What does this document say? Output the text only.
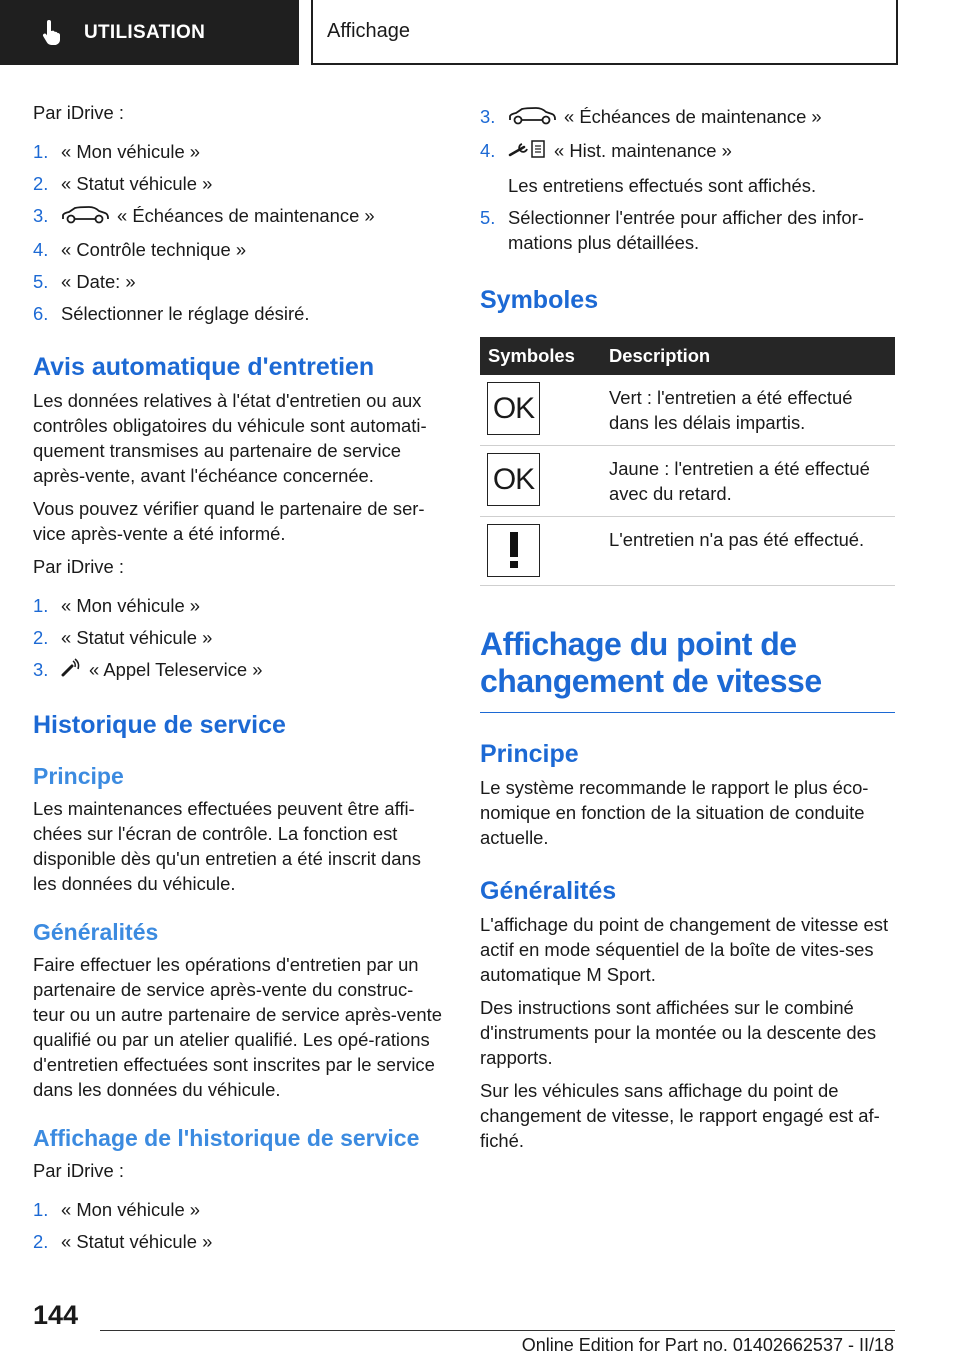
UTILISATION	Affichage

Par iDrive :

1. « Mon véhicule »
2. « Statut véhicule »
3.	« Échéances de maintenance »
4. « Contrôle technique »
5. « Date: »
6. Sélectionner le réglage désiré.
Avis automatique d'entretien

Les données relatives à l'état d'entretien ou aux contrôles obligatoires du véhicule sont automati-quement transmises au partenaire de service après-vente, avant l'échéance concernée.

Vous pouvez vérifier quand le partenaire de ser-vice après-vente a été informé.

Par iDrive :

1. « Mon véhicule »
2. « Statut véhicule »
3. « Appel Teleservice »
Historique de service
Principe

Les maintenances effectuées peuvent être affi-chées sur l'écran de contrôle. La fonction est disponible dès qu'un entretien a été inscrit dans les données du véhicule.

Généralités

Faire effectuer les opérations d'entretien par un partenaire de service après-vente du construc-teur ou un autre partenaire de service après-vente qualifié ou par un atelier qualifié. Les opé-rations d'entretien effectuées sont inscrites par le service dans les données du véhicule.

Affichage de l'historique de service

Par iDrive :

1. « Mon véhicule »
2. « Statut véhicule »
3.	« Échéances de maintenance »
4.	« Hist. maintenance »
Les entretiens effectués sont affichés.
5. Sélectionner l'entrée pour afficher des infor-mations plus détaillées.
Symboles
Symboles	Description

OK	Vert : l'entretien a été effectué dans les délais impartis.

OK	Jaune : l'entretien a été effectué avec du retard.

	L'entretien n'a pas été effectué.
Affichage du point de changement de vitesse
Principe

Le système recommande le rapport le plus éco-nomique en fonction de la situation de conduite actuelle.

Généralités

L'affichage du point de changement de vitesse est actif en mode séquentiel de la boîte de vites-ses automatique M Sport.

Des instructions sont affichées sur le combiné d'instruments pour la montée ou la descente des rapports.

Sur les véhicules sans affichage du point de changement de vitesse, le rapport engagé est af-fiché.

144
Online Edition for Part no. 01402662537 - II/18
